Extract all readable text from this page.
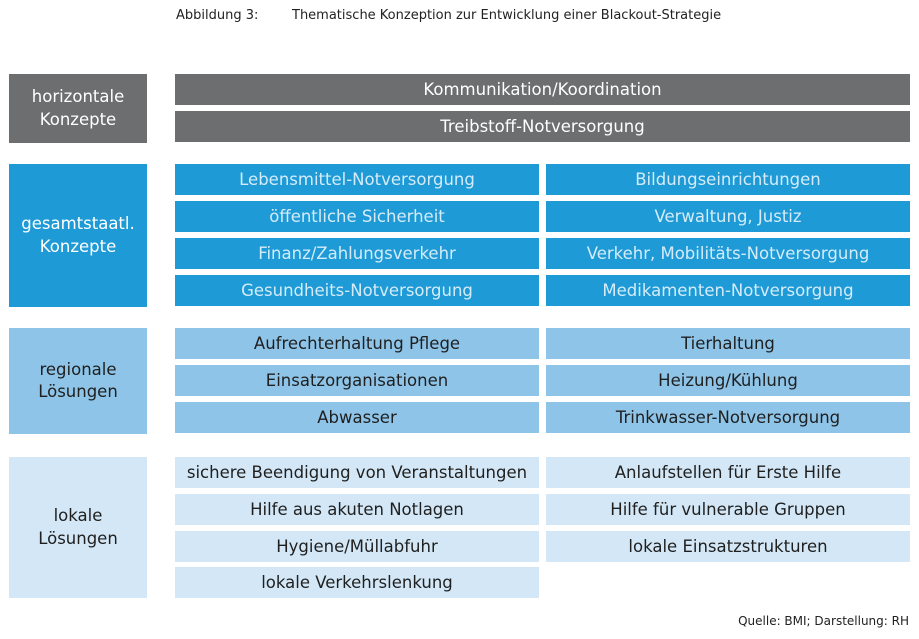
Abbildung 3:	Thematische Konzeption zur Entwicklung einer Blackout-Strategie
horizontale
Konzepte
Kommunikation/Koordination
Treibstoff-Notversorgung
gesamtstaatl.
Konzepte
Lebensmittel-Notversorgung
öffentliche Sicherheit
Finanz/Zahlungsverkehr
Gesundheits-Notversorgung
Bildungseinrichtungen
Verwaltung, Justiz
Verkehr, Mobilitäts-Notversorgung
Medikamenten-Notversorgung
regionale
Lösungen
Aufrechterhaltung Pflege
Einsatzorganisationen
Abwasser
Tierhaltung
Heizung/Kühlung
Trinkwasser-Notversorgung
lokale
Lösungen
sichere Beendigung von Veranstaltungen
Hilfe aus akuten Notlagen
Hygiene/Müllabfuhr
lokale Verkehrslenkung
Anlaufstellen für Erste Hilfe
Hilfe für vulnerable Gruppen
lokale Einsatzstrukturen
Quelle: BMI; Darstellung: RH
